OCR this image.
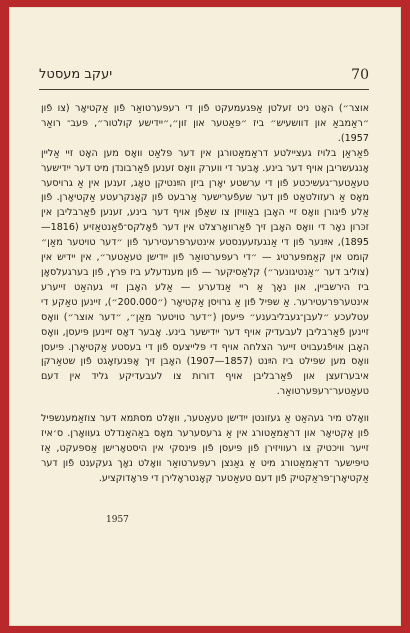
70
יעקב מעסטל

אוצר״) האָט ניט זעלטן אַפּגעמעקט פֿון די רעפּערטואַר פֿון אַקטיאָר (צו פֿון ״ראַמבאַ און דוושעיש״ ביז ״פּאַטער און זון״,״יידישע קולטור״, פּעב־ רואַר 1957).

פֿאַראַן בלויז געציילטע דראַמאַטורגן אין דער פּלאַט וואָס מען האָט זיי אַליין אָנגעשריבן אויף דער בינע. אָבער די ווערק וואָס זענען פֿאַרבונדן מיט דער ייִדישער טעאַטער־געשיכטע פֿון די ערשטע יאָרן ביזן הײַנטיקן טאָג, זענען אין אַ גרויסער מאָס אַ רעזולטאַט פֿון דער שעפֿערישער אַרבעט פֿון קאָנקרעטע אַקטיאָרן. פֿון אַלע פֿיגורן וואָס זיי האָבן באַוויזן צו שאַפֿן אויף דער בינע, זענען פֿאַרבליבן אין זכּרון נאָר די וואָס האָבן זיך פֿאַרוואָרצלט אין דער פֿאָלקס־פֿאַנטאַזיע (1816—1895), אײַנער פֿון די אַנגעזעענסטע אינטערפּרעטירער פֿון ״דער טויטער מאַן״ קומט אין קאַמפּערטיג — ״די רעפּערטואַר פֿון ייִדישן טעאַטער״, אין יידיש אין (צוליב דער ״אַנטיגונער״) קלאַסיקער — פֿון מענדעלע ביז פּרץ, פֿון בערגעלסאָן ביז הירשביין, און נאָך אַ ריי אַנדערע — אַלע האָבן זיי געהאַט זייערע אינטערפּרעטירער. אַ שפּיל פֿון אַ גרויסן אַקטיאָר (״200.000״), זיינען טאַקע די עטלעכע ״לעבן־געבליבענע״ פּיעסן (״דער טויטער מאַן״, ״דער אוצר״) וואָס זיינען פֿאַרבליבן לעבעדיק אויף דער ייִדישער בינע. אָבער דאָס זיינען פּיעסן, וואָס האָבן אויפֿגעבויט זייער הצלחה אויף די פּלייצעס פֿון די בעסטע אַקטיאָרן. פּיעסן וואָס מען שפּילט ביז הײַנט (1857—1907) האָבן זיך אָפּגעזאָגט פֿון שטאַרקן איבערזעצן און פֿאַרבליבן אויף דורות צו לעבעדיקע גליד אין דעם טעאַטער־רעפּערטואַר.

וואָלט מיר געהאַט אַ געזונטן ייִדישן טעאַטער, וואָלט מסתּמא דער צוזאַמענשפּיל פֿון אַקטיאָר און דראַמאַטורג אין אַ גרעסערער מאָס באַהאַנדלט געוואָרן. ס׳איז זייער וויכטיק צו רעוויזירן פֿון פּיעסן פֿון פּינסקי אין היסטאָרישן אַספּעקט, אַז טיפּישער דראַמאַטורג מיט אַ גאַנצן רעפּערטואַר וואָלט נאָך געקענט פֿון דער אַקטיאָרן־פּראַקטיק פֿון דעם טעאַטער קאָנטראָלירן די פּראָדוקציע.

1957
